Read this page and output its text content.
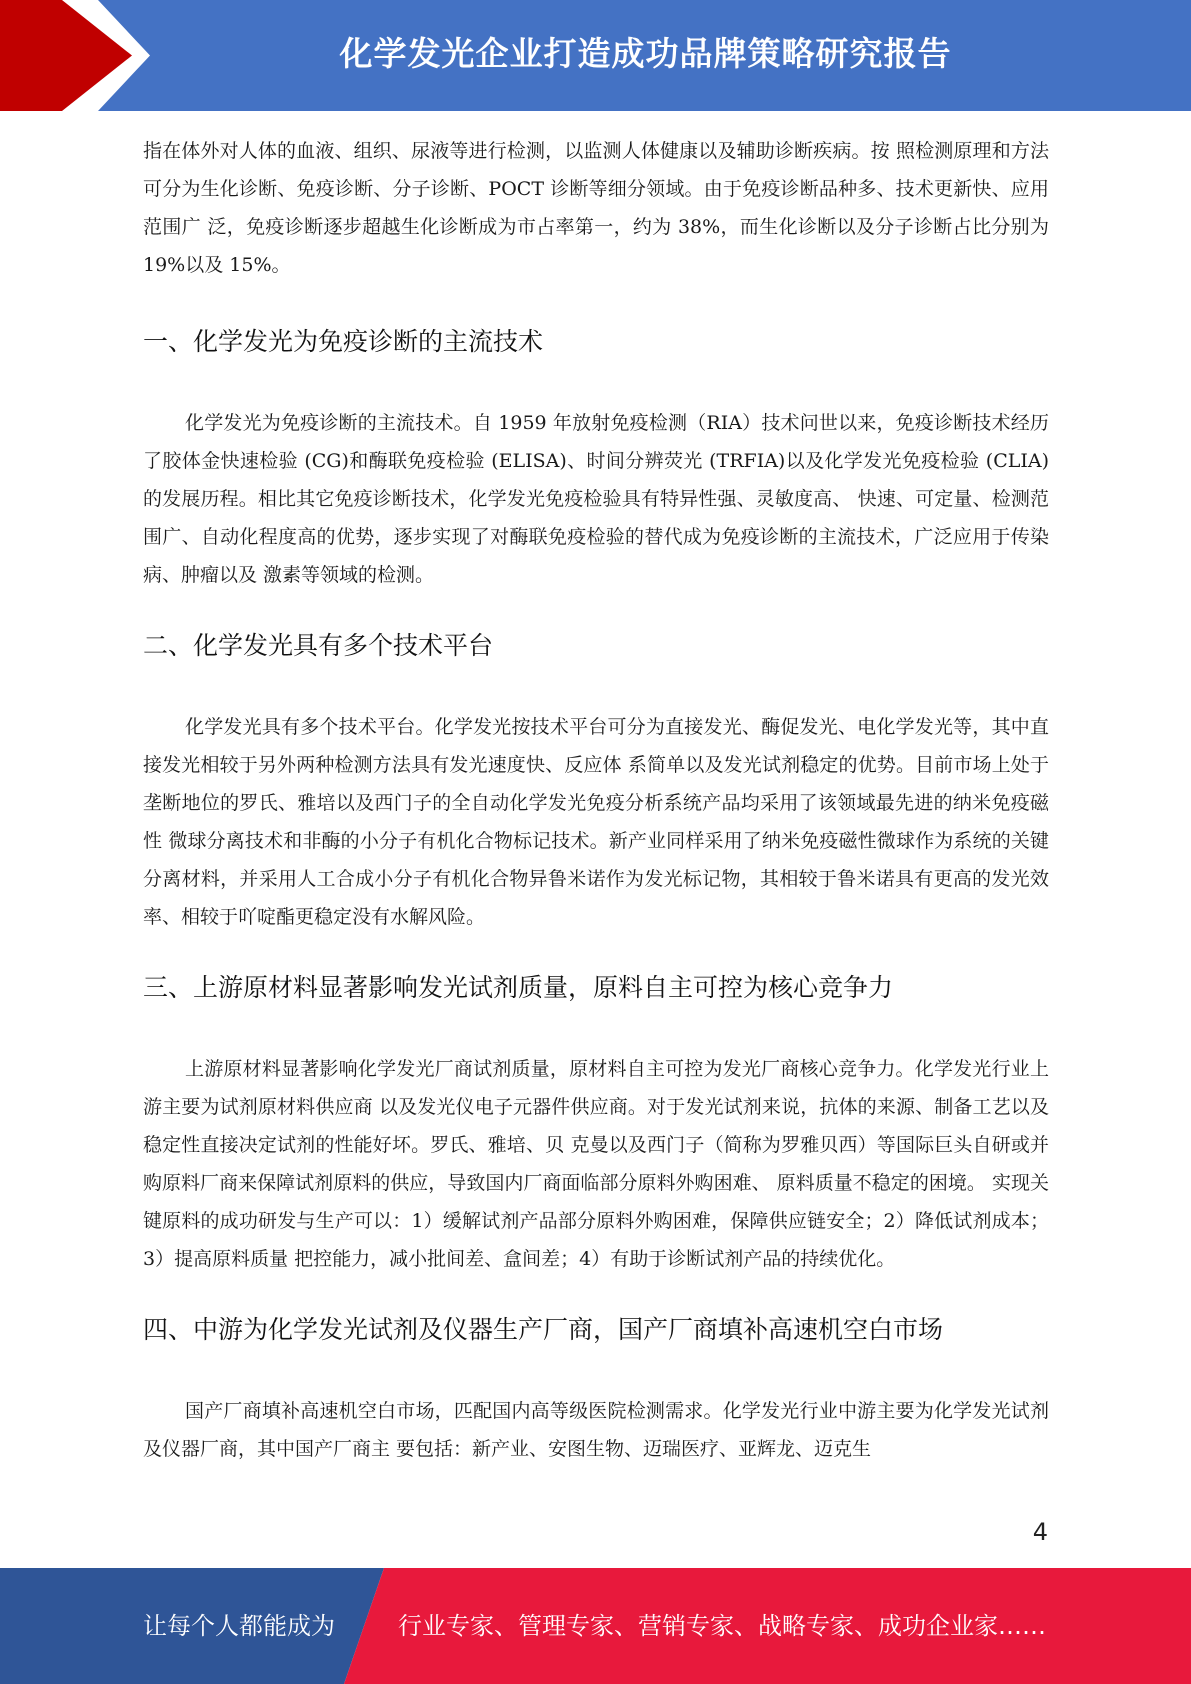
化学发光企业打造成功品牌策略研究报告

指在体外对人体的血液、组织、尿液等进行检测，以监测人体健康以及辅助诊断疾病。按 照检测原理和方法可分为生化诊断、免疫诊断、分子诊断、POCT 诊断等细分领域。由于免疫诊断品种多、技术更新快、应用范围广 泛，免疫诊断逐步超越生化诊断成为市占率第一，约为 38%，而生化诊断以及分子诊断占比分别为 19%以及 15%。

一、化学发光为免疫诊断的主流技术

化学发光为免疫诊断的主流技术。自 1959 年放射免疫检测（RIA）技术问世以来，免疫诊断技术经历了胶体金快速检验 (CG)和酶联免疫检验 (ELISA)、时间分辨荧光 (TRFIA)以及化学发光免疫检验 (CLIA)的发展历程。相比其它免疫诊断技术，化学发光免疫检验具有特异性强、灵敏度高、 快速、可定量、检测范围广、自动化程度高的优势，逐步实现了对酶联免疫检验的替代成为免疫诊断的主流技术，广泛应用于传染病、肿瘤以及 激素等领域的检测。

二、化学发光具有多个技术平台

化学发光具有多个技术平台。化学发光按技术平台可分为直接发光、酶促发光、电化学发光等，其中直接发光相较于另外两种检测方法具有发光速度快、反应体 系简单以及发光试剂稳定的优势。目前市场上处于垄断地位的罗氏、雅培以及西门子的全自动化学发光免疫分析系统产品均采用了该领域最先进的纳米免疫磁性 微球分离技术和非酶的小分子有机化合物标记技术。新产业同样采用了纳米免疫磁性微球作为系统的关键分离材料，并采用人工合成小分子有机化合物异鲁米诺作为发光标记物，其相较于鲁米诺具有更高的发光效率、相较于吖啶酯更稳定没有水解风险。

三、上游原材料显著影响发光试剂质量，原料自主可控为核心竞争力

上游原材料显著影响化学发光厂商试剂质量，原材料自主可控为发光厂商核心竞争力。化学发光行业上游主要为试剂原材料供应商 以及发光仪电子元器件供应商。对于发光试剂来说，抗体的来源、制备工艺以及稳定性直接决定试剂的性能好坏。罗氏、雅培、贝 克曼以及西门子（简称为罗雅贝西）等国际巨头自研或并购原料厂商来保障试剂原料的供应，导致国内厂商面临部分原料外购困难、 原料质量不稳定的困境。 实现关键原料的成功研发与生产可以：1）缓解试剂产品部分原料外购困难，保障供应链安全；2）降低试剂成本；3）提高原料质量 把控能力，减小批间差、盒间差；4）有助于诊断试剂产品的持续优化。

四、中游为化学发光试剂及仪器生产厂商，国产厂商填补高速机空白市场

国产厂商填补高速机空白市场，匹配国内高等级医院检测需求。化学发光行业中游主要为化学发光试剂及仪器厂商，其中国产厂商主 要包括：新产业、安图生物、迈瑞医疗、亚辉龙、迈克生

4
让每个人都能成为	行业专家、管理专家、营销专家、战略专家、成功企业家……
